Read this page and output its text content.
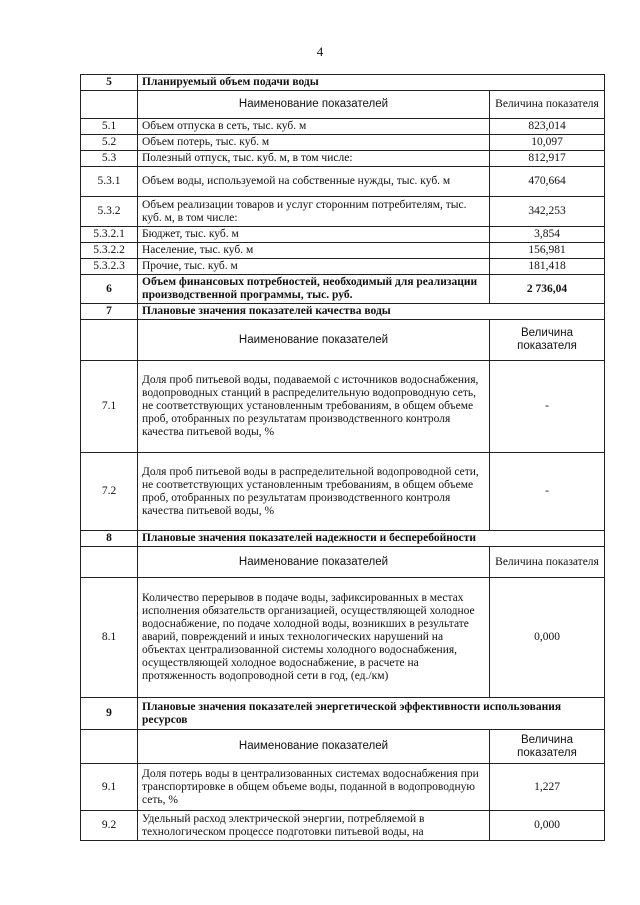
4
5	Планируемый объем подачи воды	
	Наименование показателей	Величина показателя
5.1	Объем отпуска в сеть, тыс. куб. м	823,014
5.2	Объем потерь, тыс. куб. м	10,097
5.3	Полезный отпуск, тыс. куб. м, в том числе:	812,917
5.3.1	Объем воды, используемой на собственные нужды, тыс. куб. м	470,664
5.3.2	Объем реализации товаров и услуг сторонним потребителям, тыс. куб. м, в том числе:	342,253
5.3.2.1	Бюджет, тыс. куб. м	3,854
5.3.2.2	Население, тыс. куб. м	156,981
5.3.2.3	Прочие, тыс. куб. м	181,418
6	Объем финансовых потребностей, необходимый для реализации производственной программы, тыс. руб.	2 736,04
7	Плановые значения показателей качества воды	
	Наименование показателей	Величина показателя
7.1	Доля проб питьевой воды, подаваемой с источников водоснабжения, водопроводных станций в распределительную водопроводную сеть, не соответствующих установленным требованиям, в общем объеме проб, отобранных по результатам производственного контроля качества питьевой воды, %	-
7.2	Доля проб питьевой воды в распределительной водопроводной сети, не соответствующих установленным требованиям, в общем объеме проб, отобранных по результатам производственного контроля качества питьевой воды, %	-
8	Плановые значения показателей надежности и бесперебойности	
	Наименование показателей	Величина показателя
8.1	Количество перерывов в подаче воды, зафиксированных в местах исполнения обязательств организацией, осуществляющей холодное водоснабжение, по подаче холодной воды, возникших в результате аварий, повреждений и иных технологических нарушений на объектах централизованной системы холодного водоснабжения, осуществляющей холодное водоснабжение, в расчете на протяженность водопроводной сети в год, (ед./км)	0,000
9	Плановые значения показателей энергетической эффективности использования ресурсов	
	Наименование показателей	Величина показателя
9.1	Доля потерь воды в централизованных системах водоснабжения при транспортировке в общем объеме воды, поданной в водопроводную сеть, %	1,227
9.2	Удельный расход электрической энергии, потребляемой в технологическом процессе подготовки питьевой воды, на	0,000
